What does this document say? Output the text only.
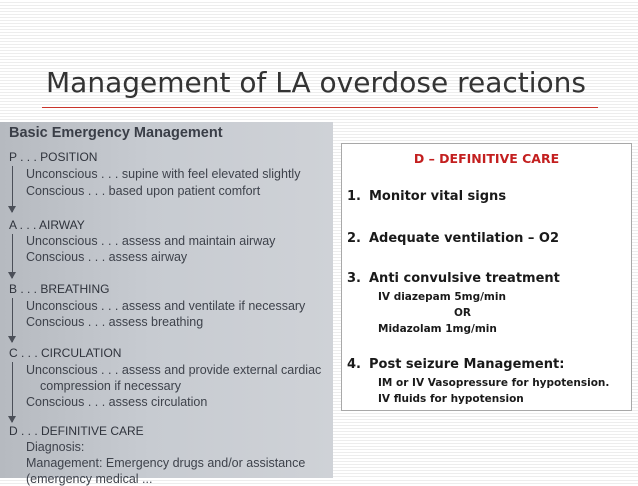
Management of LA overdose reactions
Basic Emergency Management
P . . . POSITION
Unconscious . . . supine with feel elevated slightly
Conscious . . . based upon patient comfort
A . . . AIRWAY
Unconscious . . . assess and maintain airway
Conscious . . . assess airway
B . . . BREATHING
Unconscious . . . assess and ventilate if necessary
Conscious . . . assess breathing
C . . . CIRCULATION
Unconscious . . . assess and provide external cardiac
compression if necessary
Conscious . . . assess circulation
D . . . DEFINITIVE CARE
Diagnosis:
Management: Emergency drugs and/or assistance
(emergency medical ...
D – DEFINITIVE CARE
1. Monitor vital signs
2. Adequate ventilation – O2
3. Anti convulsive treatment
IV diazepam 5mg/min
OR
Midazolam 1mg/min
4. Post seizure Management:
IM or IV Vasopressure for hypotension.
IV fluids for hypotension
